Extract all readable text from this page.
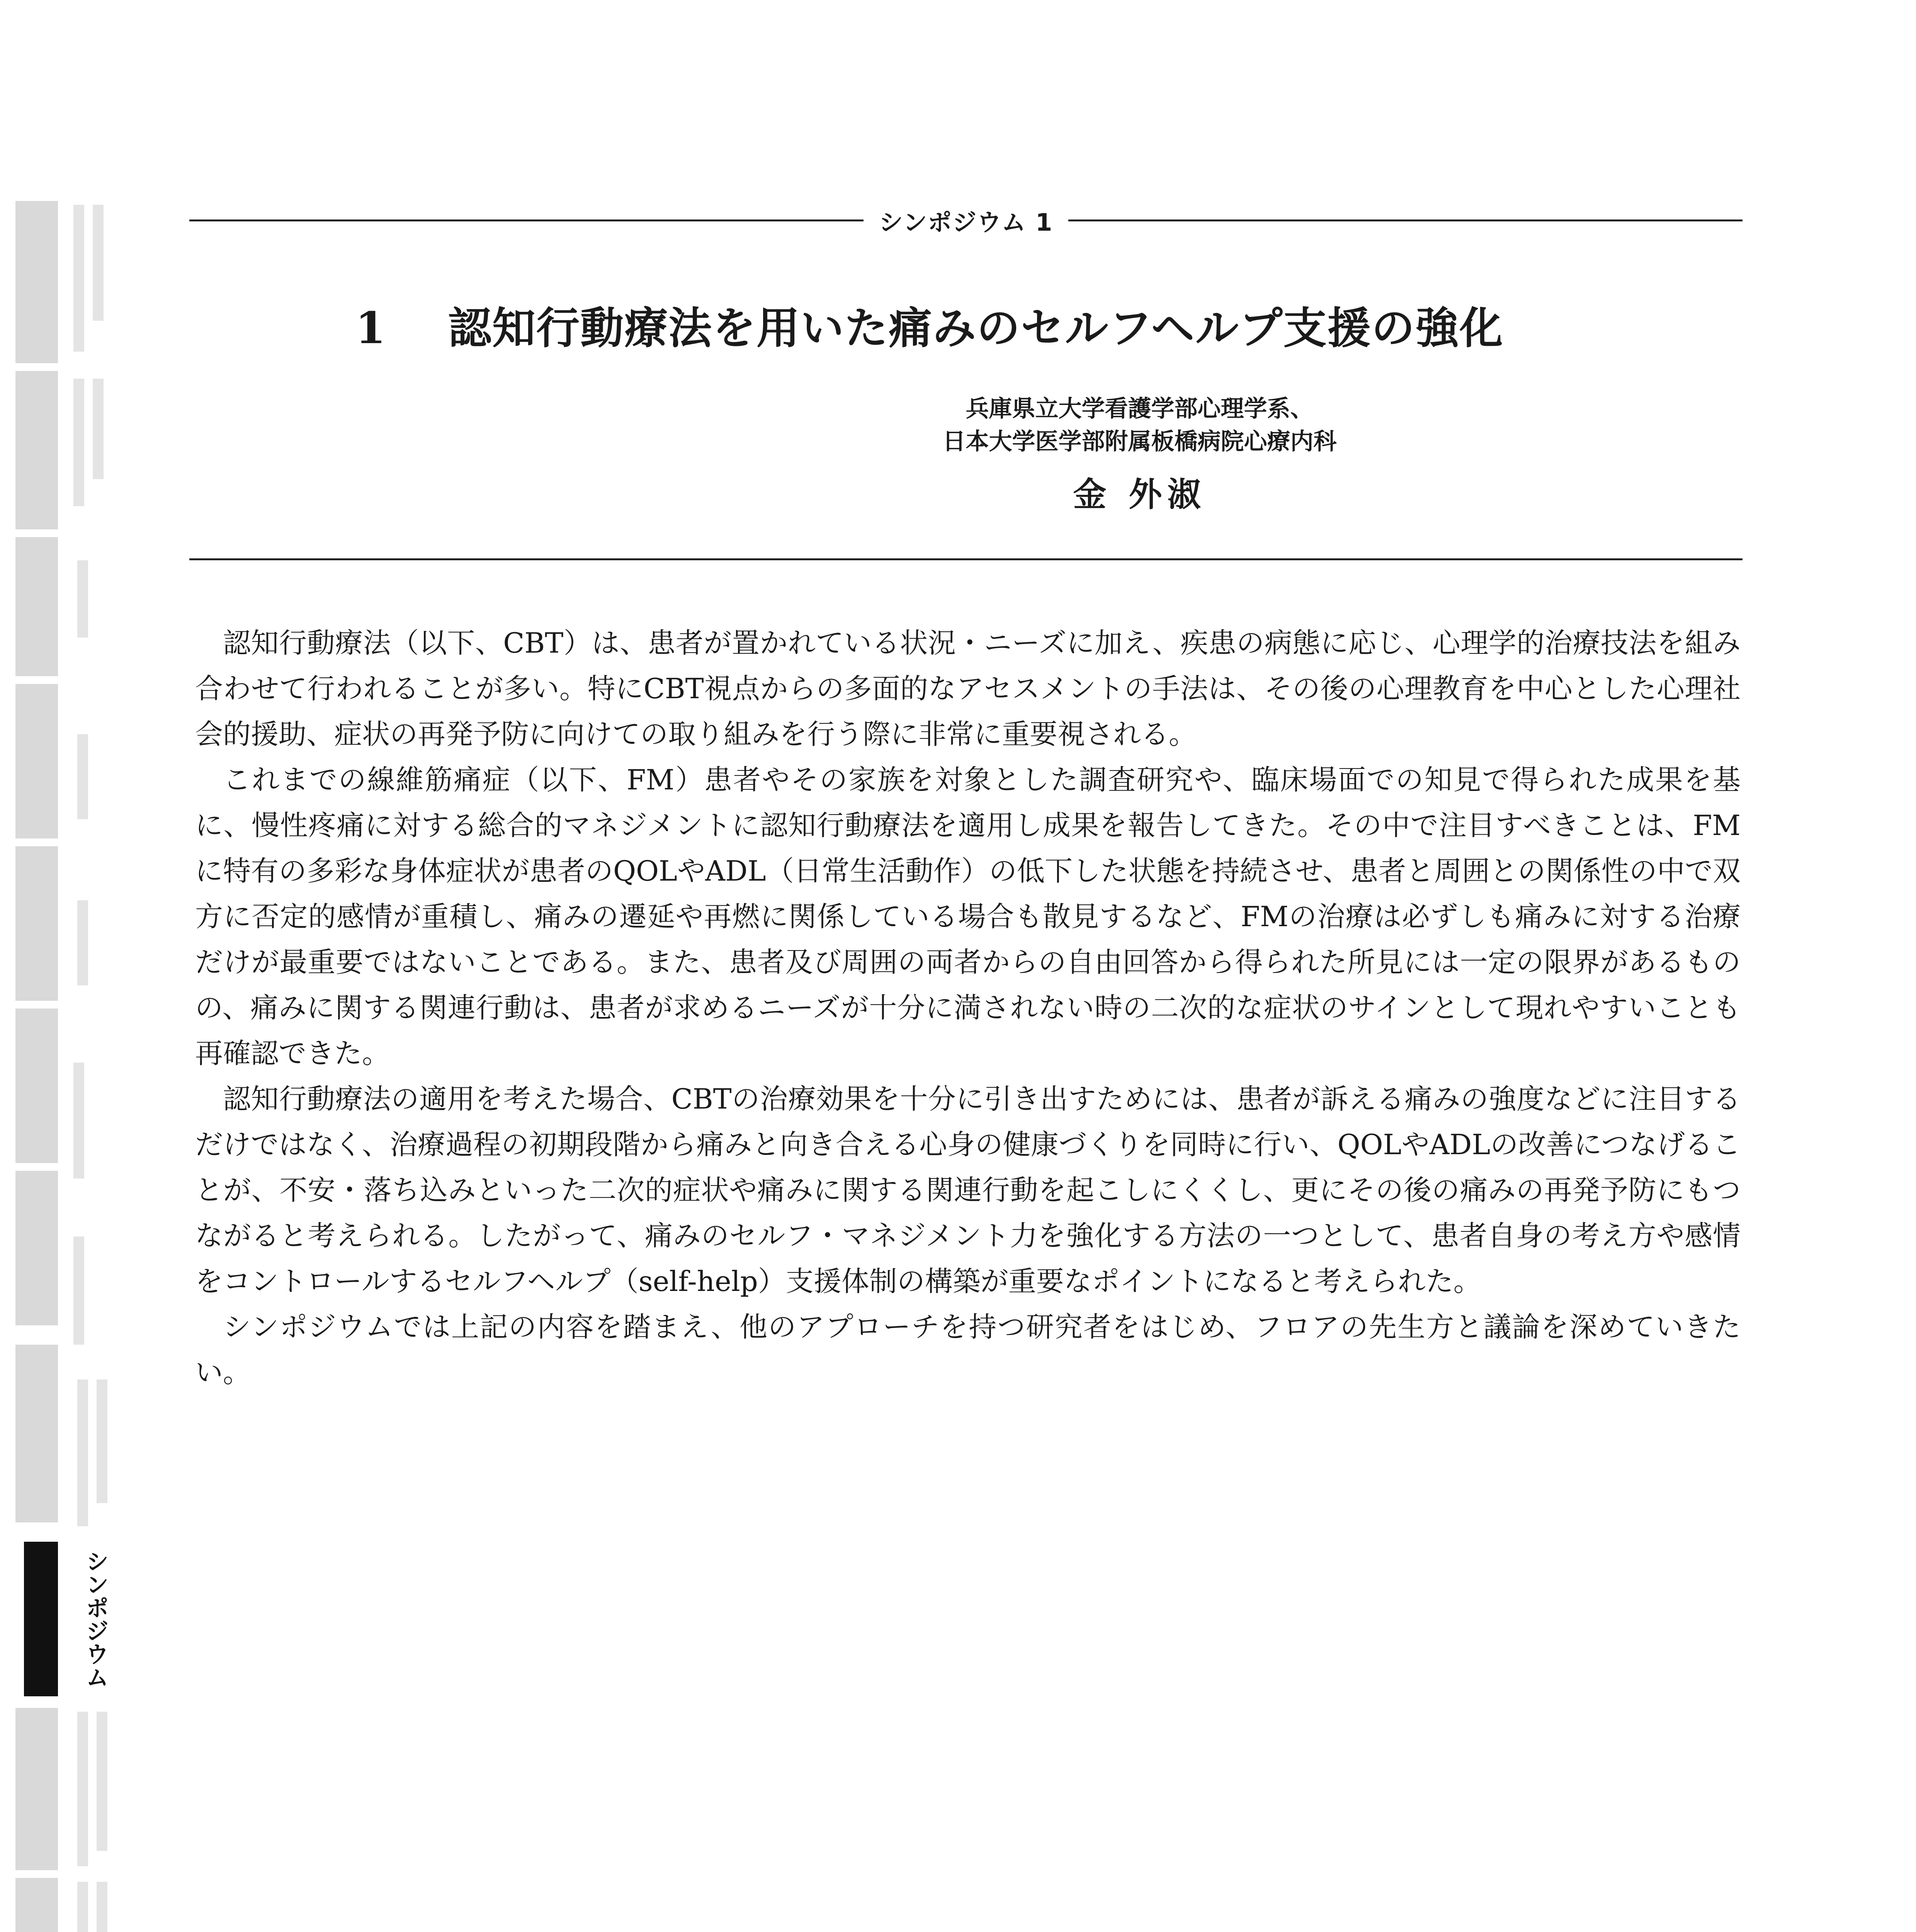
シンポジウム
シンポジウム 1
1 認知行動療法を用いた痛みのセルフヘルプ支援の強化
兵庫県立大学看護学部心理学系、
日本大学医学部附属板橋病院心療内科
金 外淑

認知行動療法（以下、CBT）は、患者が置かれている状況・ニーズに加え、疾患の病態に応じ、心理学的治療技法を組み合わせて行われることが多い。特にCBT視点からの多面的なアセスメントの手法は、その後の心理教育を中心とした心理社会的援助、症状の再発予防に向けての取り組みを行う際に非常に重要視される。

これまでの線維筋痛症（以下、FM）患者やその家族を対象とした調査研究や、臨床場面での知見で得られた成果を基に、慢性疼痛に対する総合的マネジメントに認知行動療法を適用し成果を報告してきた。その中で注目すべきことは、FMに特有の多彩な身体症状が患者のQOLやADL（日常生活動作）の低下した状態を持続させ、患者と周囲との関係性の中で双方に否定的感情が重積し、痛みの遷延や再燃に関係している場合も散見するなど、FMの治療は必ずしも痛みに対する治療だけが最重要ではないことである。また、患者及び周囲の両者からの自由回答から得られた所見には一定の限界があるものの、痛みに関する関連行動は、患者が求めるニーズが十分に満されない時の二次的な症状のサインとして現れやすいことも再確認できた。

認知行動療法の適用を考えた場合、CBTの治療効果を十分に引き出すためには、患者が訴える痛みの強度などに注目するだけではなく、治療過程の初期段階から痛みと向き合える心身の健康づくりを同時に行い、QOLやADLの改善につなげることが、不安・落ち込みといった二次的症状や痛みに関する関連行動を起こしにくくし、更にその後の痛みの再発予防にもつながると考えられる。したがって、痛みのセルフ・マネジメント力を強化する方法の一つとして、患者自身の考え方や感情をコントロールするセルフヘルプ（self-help）支援体制の構築が重要なポイントになると考えられた。

シンポジウムでは上記の内容を踏まえ、他のアプローチを持つ研究者をはじめ、フロアの先生方と議論を深めていきたい。
